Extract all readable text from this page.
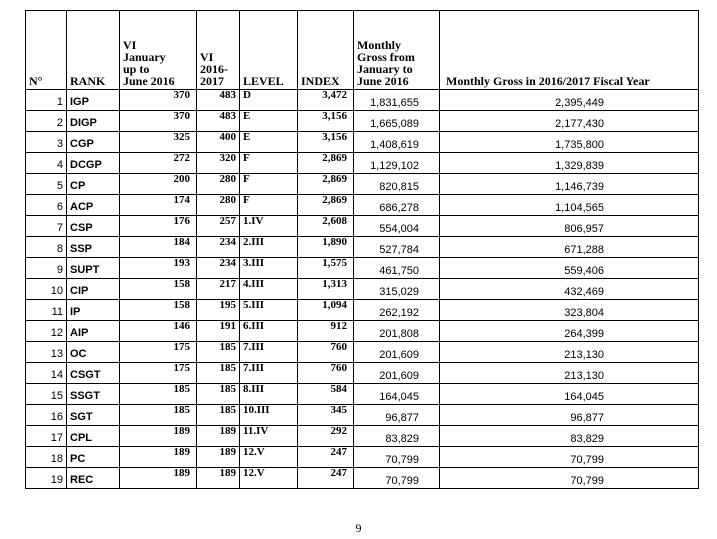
N°	RANK	VI
January
up to
June 2016	VI
2016-
2017	LEVEL	INDEX	Monthly
Gross from
January to
June 2016	Monthly Gross in 2016/2017 Fiscal Year

1	IGP	370	483	D	3,472	1,831,655	2,395,449
2	DIGP	370	483	E	3,156	1,665,089	2,177,430
3	CGP	325	400	E	3,156	1,408,619	1,735,800
4	DCGP	272	320	F	2,869	1,129,102	1,329,839
5	CP	200	280	F	2,869	820,815	1,146,739
6	ACP	174	280	F	2,869	686,278	1,104,565
7	CSP	176	257	1.IV	2,608	554,004	806,957
8	SSP	184	234	2.III	1,890	527,784	671,288
9	SUPT	193	234	3.III	1,575	461,750	559,406
10	CIP	158	217	4.III	1,313	315,029	432,469
11	IP	158	195	5.III	1,094	262,192	323,804
12	AIP	146	191	6.III	912	201,808	264,399
13	OC	175	185	7.III	760	201,609	213,130
14	CSGT	175	185	7.III	760	201,609	213,130
15	SSGT	185	185	8.III	584	164,045	164,045
16	SGT	185	185	10.III	345	96,877	96,877
17	CPL	189	189	11.IV	292	83,829	83,829
18	PC	189	189	12.V	247	70,799	70,799
19	REC	189	189	12.V	247	70,799	70,799
9
